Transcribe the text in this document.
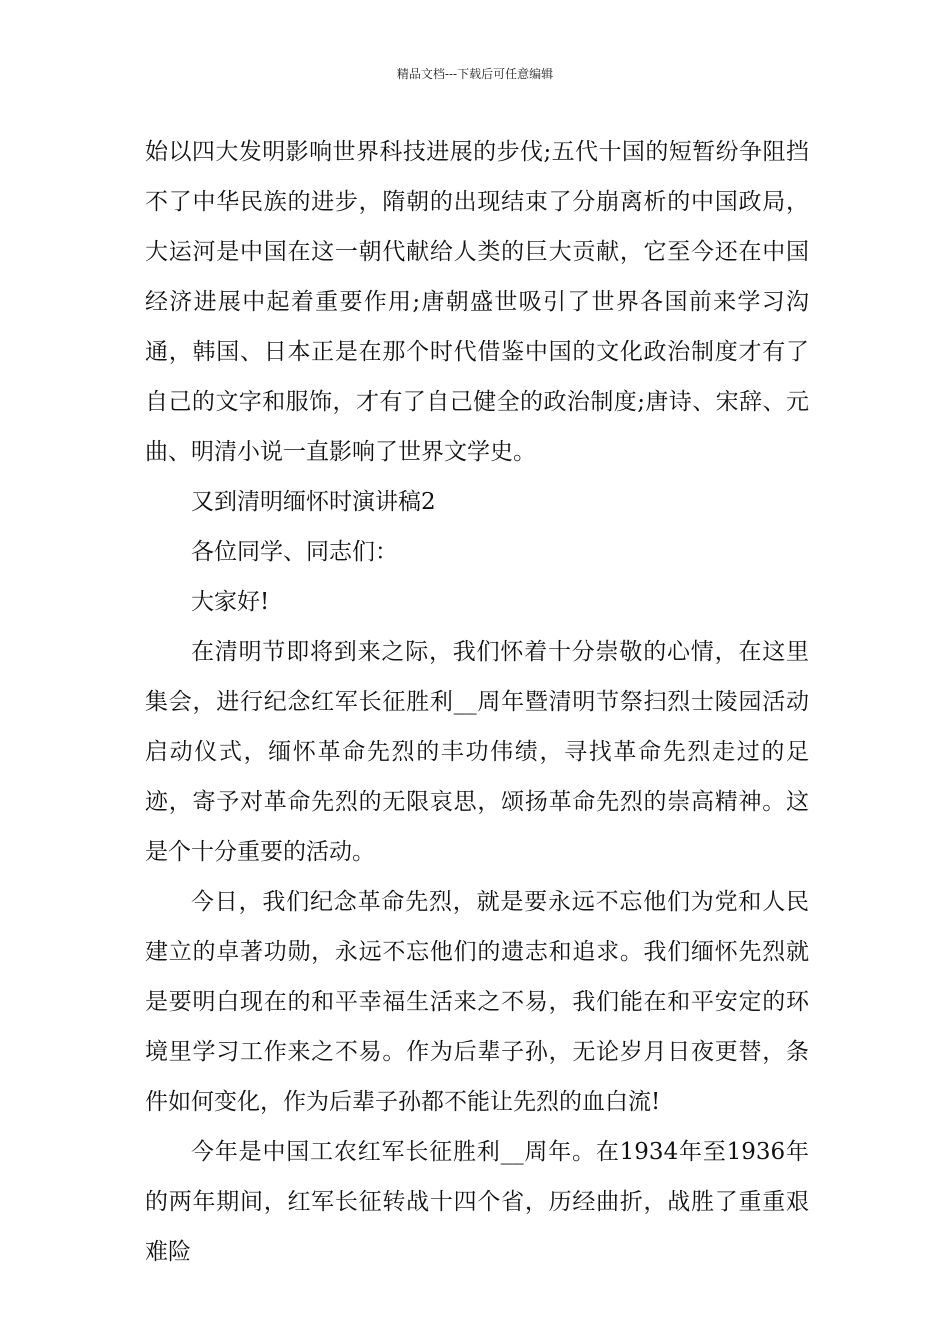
精品文档---下载后可任意编辑

始以四大发明影响世界科技进展的步伐;五代十国的短暂纷争阻挡不了中华民族的进步，隋朝的出现结束了分崩离析的中国政局，大运河是中国在这一朝代献给人类的巨大贡献，它至今还在中国经济进展中起着重要作用;唐朝盛世吸引了世界各国前来学习沟通，韩国、日本正是在那个时代借鉴中国的文化政治制度才有了自己的文字和服饰，才有了自己健全的政治制度;唐诗、宋辞、元曲、明清小说一直影响了世界文学史。

又到清明缅怀时演讲稿2

各位同学、同志们：

大家好!

在清明节即将到来之际，我们怀着十分崇敬的心情，在这里集会，进行纪念红军长征胜利__周年暨清明节祭扫烈士陵园活动启动仪式，缅怀革命先烈的丰功伟绩，寻找革命先烈走过的足迹，寄予对革命先烈的无限哀思，颂扬革命先烈的崇高精神。这是个十分重要的活动。

今日，我们纪念革命先烈，就是要永远不忘他们为党和人民建立的卓著功勋，永远不忘他们的遗志和追求。我们缅怀先烈就是要明白现在的和平幸福生活来之不易，我们能在和平安定的环境里学习工作来之不易。作为后辈子孙，无论岁月日夜更替，条件如何变化，作为后辈子孙都不能让先烈的血白流!

今年是中国工农红军长征胜利__周年。在1934年至1936年的两年期间，红军长征转战十四个省，历经曲折，战胜了重重艰难险
